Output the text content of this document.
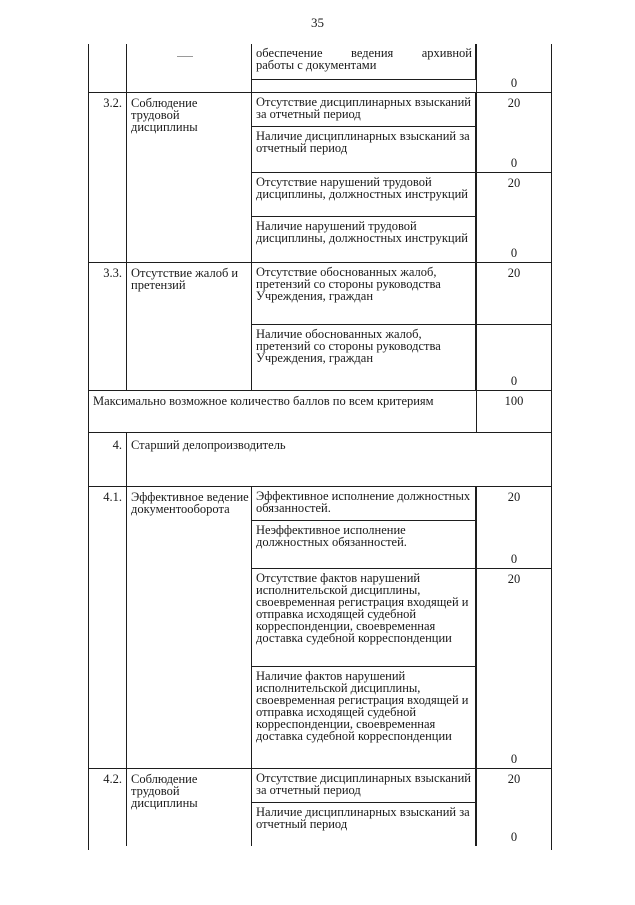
35
обеспечение ведения архивной
работы с документами
0
3.2. Соблюдение трудовой дисциплины
Отсутствие дисциплинарных взысканий за отчетный период
Наличие дисциплинарных взысканий за отчетный период
20
0
Отсутствие нарушений трудовой дисциплины, должностных инструкций
Наличие нарушений трудовой дисциплины, должностных инструкций
20
0
3.3. Отсутствие жалоб и претензий
Отсутствие обоснованных жалоб, претензий со стороны руководства Учреждения, граждан
20
Наличие обоснованных жалоб, претензий со стороны руководства Учреждения, граждан
0
Максимально возможное количество баллов по всем критериям	100
4. Старший делопроизводитель
4.1. Эффективное ведение документооборота
Эффективное исполнение должностных обязанностей.
Неэффективное исполнение должностных обязанностей.
20
0
Отсутствие фактов нарушений исполнительской дисциплины, своевременная регистрация входящей и отправка исходящей судебной корреспонденции, своевременная доставка судебной корреспонденции
Наличие фактов нарушений исполнительской дисциплины, своевременная регистрация входящей и отправка исходящей судебной корреспонденции, своевременная доставка судебной корреспонденции
20
0
4.2. Соблюдение трудовой дисциплины
Отсутствие дисциплинарных взысканий за отчетный период
Наличие дисциплинарных взысканий за отчетный период
20
0
